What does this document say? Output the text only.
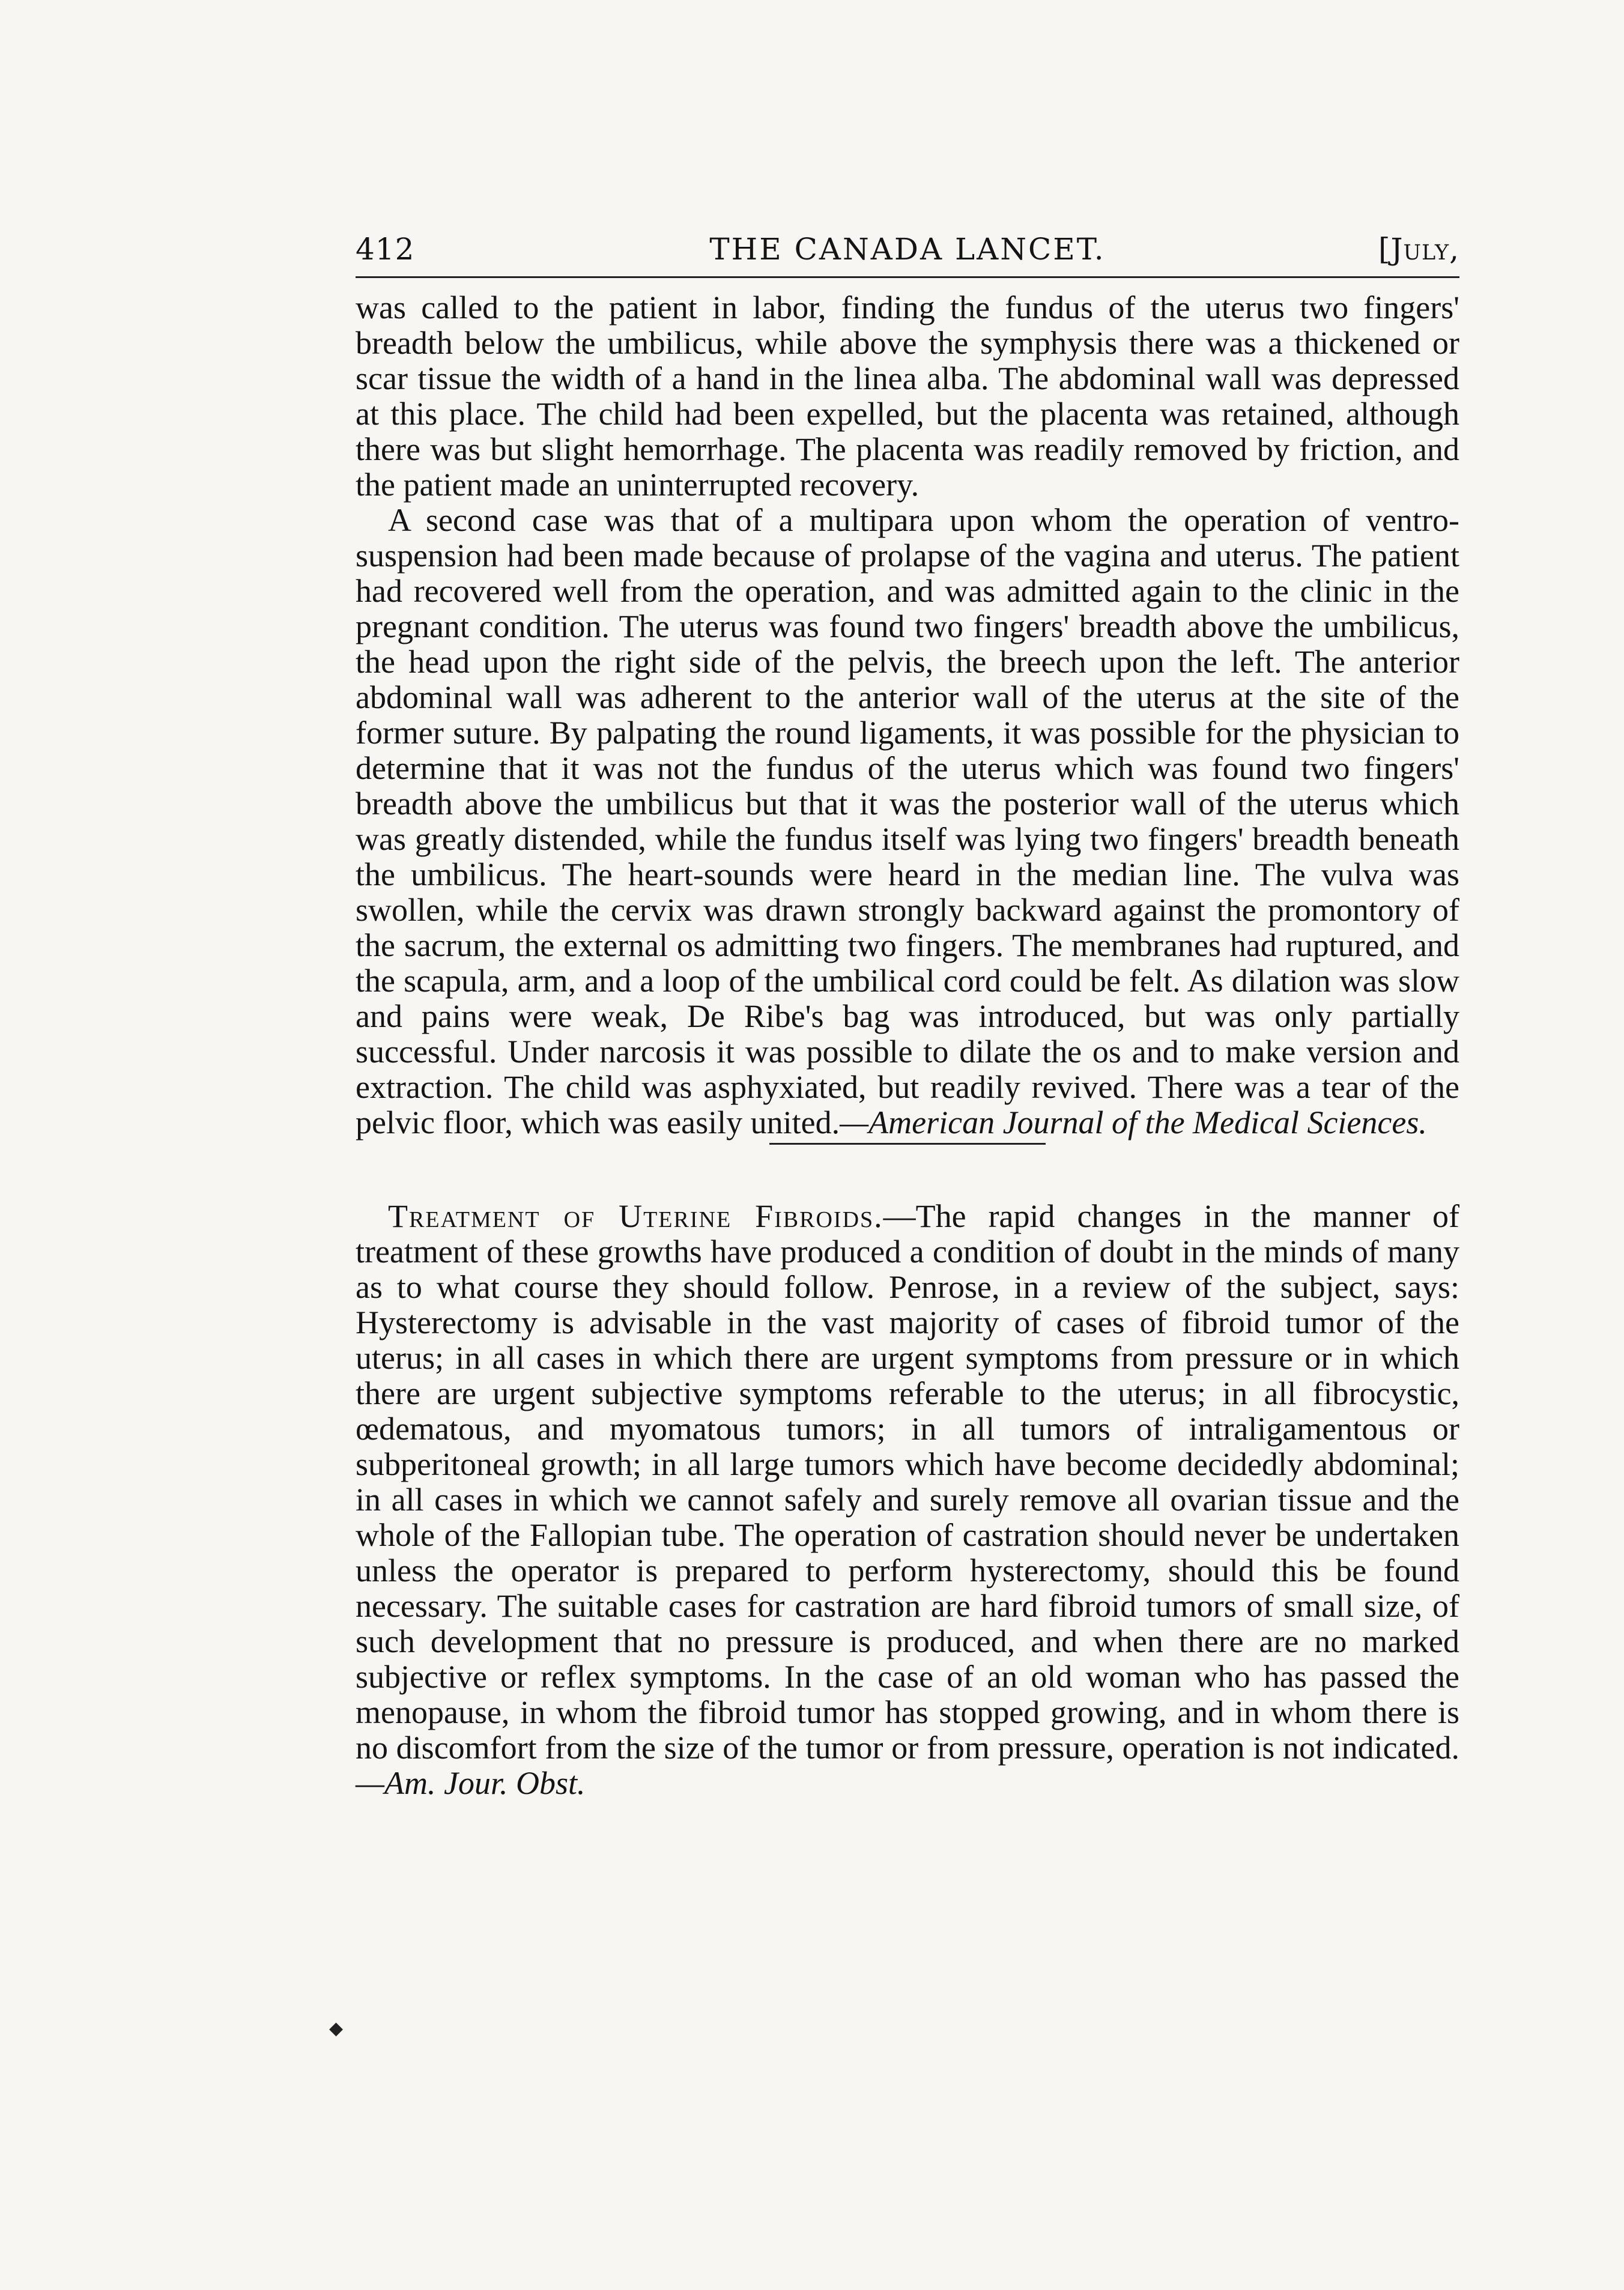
412	THE CANADA LANCET.	[July,

was called to the patient in labor, finding the fundus of the uterus two fingers' breadth below the umbilicus, while above the symphysis there was a thickened or scar tissue the width of a hand in the linea alba. The abdominal wall was depressed at this place. The child had been expelled, but the placenta was retained, although there was but slight hemorrhage. The placenta was readily removed by friction, and the patient made an uninterrupted recovery.

A second case was that of a multipara upon whom the operation of ventro-suspension had been made because of prolapse of the vagina and uterus. The patient had recovered well from the operation, and was admitted again to the clinic in the pregnant condition. The uterus was found two fingers' breadth above the umbilicus, the head upon the right side of the pelvis, the breech upon the left. The anterior abdominal wall was adherent to the anterior wall of the uterus at the site of the former suture. By palpating the round ligaments, it was possible for the physician to determine that it was not the fundus of the uterus which was found two fingers' breadth above the umbilicus but that it was the posterior wall of the uterus which was greatly distended, while the fundus itself was lying two fingers' breadth beneath the umbilicus. The heart-sounds were heard in the median line. The vulva was swollen, while the cervix was drawn strongly backward against the promontory of the sacrum, the external os admitting two fingers. The membranes had ruptured, and the scapula, arm, and a loop of the umbilical cord could be felt. As dilation was slow and pains were weak, De Ribe's bag was introduced, but was only partially successful. Under narcosis it was possible to dilate the os and to make version and extraction. The child was asphyxiated, but readily revived. There was a tear of the pelvic floor, which was easily united.—American Journal of the Medical Sciences.

Treatment of Uterine Fibroids.—The rapid changes in the manner of treatment of these growths have produced a condition of doubt in the minds of many as to what course they should follow. Penrose, in a review of the subject, says: Hysterectomy is advisable in the vast majority of cases of fibroid tumor of the uterus; in all cases in which there are urgent symptoms from pressure or in which there are urgent subjective symptoms referable to the uterus; in all fibrocystic, œdematous, and myomatous tumors; in all tumors of intraligamentous or subperitoneal growth; in all large tumors which have become decidedly abdominal; in all cases in which we cannot safely and surely remove all ovarian tissue and the whole of the Fallopian tube. The operation of castration should never be undertaken unless the operator is prepared to perform hysterectomy, should this be found necessary. The suitable cases for castration are hard fibroid tumors of small size, of such development that no pressure is produced, and when there are no marked subjective or reflex symptoms. In the case of an old woman who has passed the menopause, in whom the fibroid tumor has stopped growing, and in whom there is no discomfort from the size of the tumor or from pressure, operation is not indicated.—Am. Jour. Obst.

◆
